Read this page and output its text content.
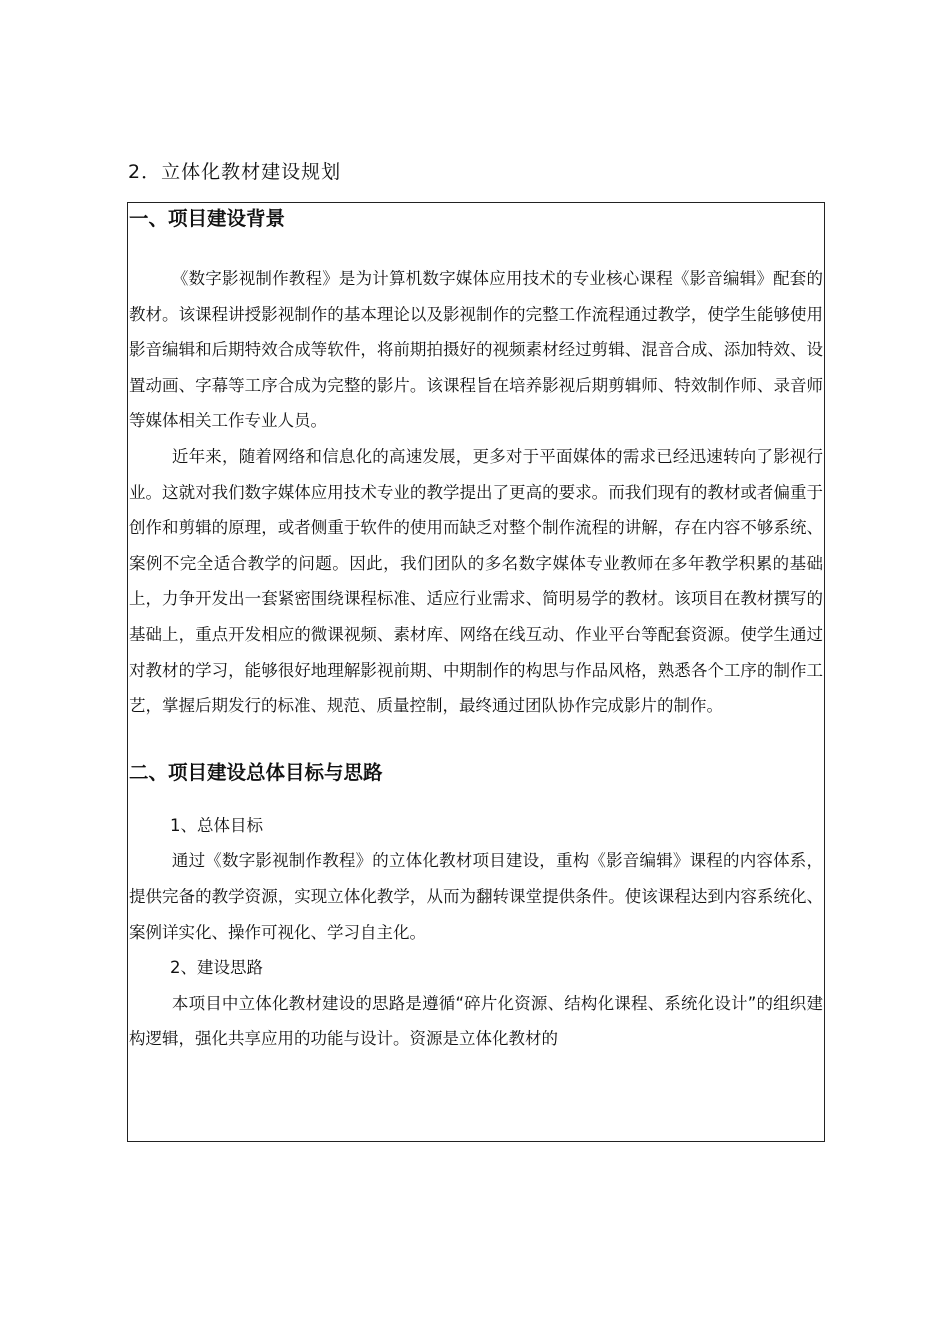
2．立体化教材建设规划
一、项目建设背景

《数字影视制作教程》是为计算机数字媒体应用技术的专业核心课程《影音编辑》配套的教材。该课程讲授影视制作的基本理论以及影视制作的完整工作流程通过教学，使学生能够使用影音编辑和后期特效合成等软件，将前期拍摄好的视频素材经过剪辑、混音合成、添加特效、设置动画、字幕等工序合成为完整的影片。该课程旨在培养影视后期剪辑师、特效制作师、录音师等媒体相关工作专业人员。

近年来，随着网络和信息化的高速发展，更多对于平面媒体的需求已经迅速转向了影视行业。这就对我们数字媒体应用技术专业的教学提出了更高的要求。而我们现有的教材或者偏重于创作和剪辑的原理，或者侧重于软件的使用而缺乏对整个制作流程的讲解，存在内容不够系统、案例不完全适合教学的问题。因此，我们团队的多名数字媒体专业教师在多年教学积累的基础上，力争开发出一套紧密围绕课程标准、适应行业需求、简明易学的教材。该项目在教材撰写的基础上，重点开发相应的微课视频、素材库、网络在线互动、作业平台等配套资源。使学生通过对教材的学习，能够很好地理解影视前期、中期制作的构思与作品风格，熟悉各个工序的制作工艺，掌握后期发行的标准、规范、质量控制，最终通过团队协作完成影片的制作。

二、项目建设总体目标与思路

1、总体目标

通过《数字影视制作教程》的立体化教材项目建设，重构《影音编辑》课程的内容体系，提供完备的教学资源，实现立体化教学，从而为翻转课堂提供条件。使该课程达到内容系统化、案例详实化、操作可视化、学习自主化。

2、建设思路

本项目中立体化教材建设的思路是遵循“碎片化资源、结构化课程、系统化设计”的组织建构逻辑，强化共享应用的功能与设计。资源是立体化教材的
